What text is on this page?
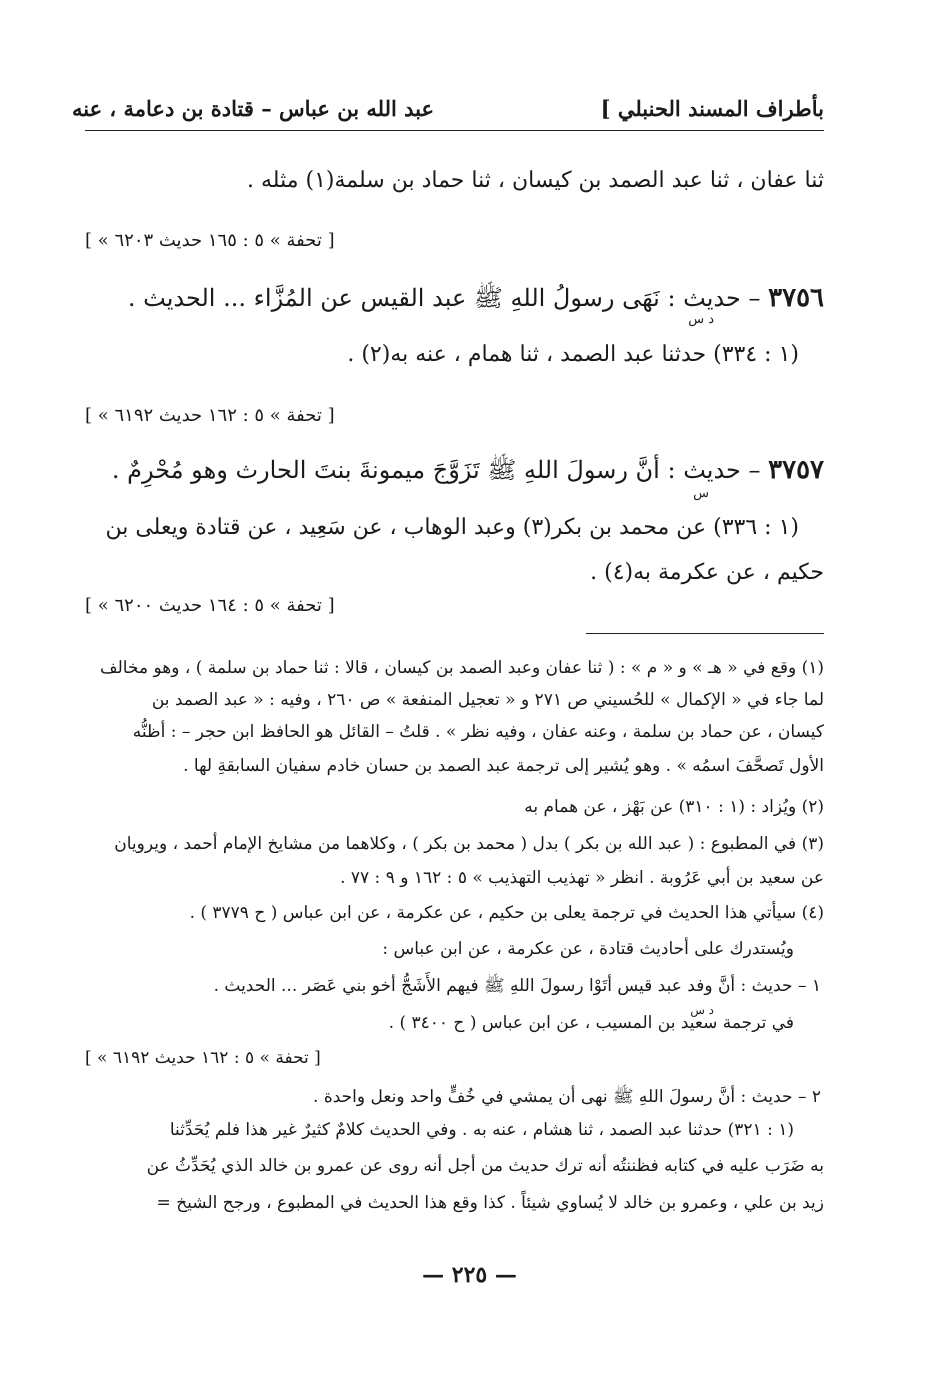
بأطراف المسند الحنبلي ]
عبد الله بن عباس – قتادة بن دعامة ، عنه
ثنا عفان ، ثنا عبد الصمد بن كيسان ، ثنا حماد بن سلمة(١) مثله .
[ « تحفة » ٥ : ١٦٥ حديث ٦٢٠٣ ]
٣٧٥٦ – حديث : نَهَى رسولُ اللهِ ﷺ عبد القيس عن المُزَّاء ... الحديث .
د س
(١ : ٣٣٤) حدثنا عبد الصمد ، ثنا همام ، عنه به(٢) .
[ « تحفة » ٥ : ١٦٢ حديث ٦١٩٢ ]
٣٧٥٧ – حديث : أنَّ رسولَ اللهِ ﷺ تَزَوَّجَ ميمونةَ بنتَ الحارث وهو مُحْرِمٌ .
س
(١ : ٣٣٦) عن محمد بن بكر(٣) وعبد الوهاب ، عن سَعِيد ، عن قتادة ويعلى بن
حكيم ، عن عكرمة به(٤) .
[ « تحفة » ٥ : ١٦٤ حديث ٦٢٠٠ ]
(١) وقع في « هـ » و « م » : ( ثنا عفان وعبد الصمد بن كيسان ، قالا : ثنا حماد بن سلمة ) ، وهو مخالف
لما جاء في « الإكمال » للحُسيني ص ٢٧١ و « تعجيل المنفعة » ص ٢٦٠ ، وفيه : « عبد الصمد بن
كيسان ، عن حماد بن سلمة ، وعنه عفان ، وفيه نظر » . قلتُ – القائل هو الحافظ ابن حجر – : أظنُّه
الأول تَصحَّفَ اسمُه » . وهو يُشير إلى ترجمة عبد الصمد بن حسان خادم سفيان السابقةِ لها .
(٢) ويُزاد : (١ : ٣١٠) عن بَهْز ، عن همام به
(٣) في المطبوع : ( عبد الله بن بكر ) بدل ( محمد بن بكر ) ، وكلاهما من مشايخ الإمام أحمد ، ويرويان
عن سعيد بن أبي عَرُوبة . انظر « تهذيب التهذيب » ٥ : ١٦٢ و ٩ : ٧٧ .
(٤) سيأتي هذا الحديث في ترجمة يعلى بن حكيم ، عن عكرمة ، عن ابن عباس ( ح ٣٧٧٩ ) .
ويُستدرك على أحاديث قتادة ، عن عكرمة ، عن ابن عباس :
١ – حديث : أنَّ وفد عبد قيس أتَوْا رسولَ اللهِ ﷺ فيهم الأَشَجُّ أخو بني عَصَر ... الحديث .
د س
في ترجمة سعيد بن المسيب ، عن ابن عباس ( ح ٣٤٠٠ ) .
[ « تحفة » ٥ : ١٦٢ حديث ٦١٩٢ ]
٢ – حديث : أنَّ رسولَ اللهِ ﷺ نهى أن يمشي في خُفٍّ واحد ونعل واحدة .
(١ : ٣٢١) حدثنا عبد الصمد ، ثنا هشام ، عنه به . وفي الحديث كلامٌ كثيرٌ غير هذا فلم يُحَدِّثنا
به ضَرَب عليه في كتابه فظننتُه أنه ترك حديث من أجل أنه روى عن عمرو بن خالد الذي يُحَدِّثُ عن
زيد بن علي ، وعمرو بن خالد لا يُساوي شيئاً . كذا وقع هذا الحديث في المطبوع ، ورجح الشيخ =
— ٢٢٥ —
